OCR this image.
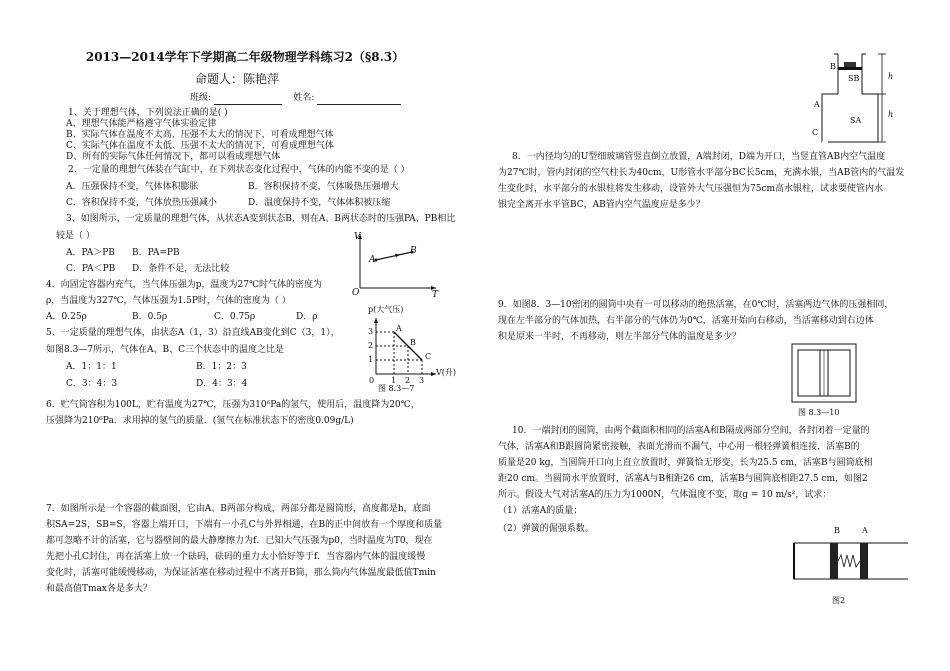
2013—2014学年下学期高二年级物理学科练习2（§8.3）
命题人：陈艳萍
班级:	姓名:
1、关于理想气体，下列说法正确的是( )
A、理想气体能严格遵守气体实验定律
B、实际气体在温度不太高、压强不太大的情况下，可看成理想气体
C、实际气体在温度不太低、压强不太大的情况下，可看成理想气体
D、所有的实际气体任何情况下，都可以看成理想气体
2、一定量的理想气体装在气缸中，在下列状态变化过程中，气体的内能不变的是（ ）
A．压强保持不变，气体体积膨胀	B．容积保持不变，气体吸热压强增大
C．容积保持不变，气体放热压强减小	D．温度保持不变，气体体积被压缩
3、如图所示，一定质量的理想气体，从状态A变到状态B，则在A、B两状态时的压强PA、PB相比
较是（ ）
A．PA＞PB B．PA=PB
C．PA＜PB D．条件不足，无法比较
V
T
O
A
B
4．向固定容器内充气，当气体压强为p，温度为27℃时气体的密度为
ρ，当温度为327℃，气体压强为1.5P时，气体的密度为（ ）
A．0.25ρ	B．0.5ρ	C．0.75ρ	D．ρ
5、一定质量的理想气体，由状态A（1，3）沿直线AB变化到C（3，1），
如图8.3—7所示，气体在A、B、C三个状态中的温度之比是
A．1：1：1	B．1：2：3
C．3：4：3	D．4：3：4
p(大气压)
V(升)
3
2
1
1 2 3
0
A
B
C
图 8.3—7
6．贮气筒容积为100L，贮有温度为27℃，压强为310⁶Pa的氢气，使用后，温度降为20℃，
压强降为210⁶Pa．求用掉的氢气的质量．(氢气在标准状态下的密度0.09g/L)
7．如图所示是一个容器的截面图，它由A、B两部分构成，两部分都是圆筒形，高度都是h，底面
积SA=2S，SB=S，容器上端开口，下端有一小孔C与外界相通，在B的正中间放有一个厚度和质量
都可忽略不计的活塞，它与器壁间的最大静摩擦力为f．已知大气压强为p0，当时温度为T0，现在
先把小孔C封住，再在活塞上放一个砝码，砝码的重力大小恰好等于f．当容器内气体的温度缓慢
变化时，活塞可能缓慢移动，为保证活塞在移动过程中不离开B筒，那么筒内气体温度最低值Tmin
和最高值Tmax各是多大？
B
SB
A
SA
C
h
h
8．一内径均匀的U型细玻璃管竖直倒立放置，A端封闭，D端为开口，当竖直管AB内空气温度
为27℃时，管内封闭的空气柱长为40cm，U形管水平部分BC长5cm，充满水银，当AB管内的气温发
生变化时，水平部分的水银柱将发生移动，设管外大气压强恒为75cm高水银柱，试求要使管内水
银完全离开水平管BC，AB管内空气温度应是多少？
9．如图8．3—10密闭的圆筒中央有一可以移动的绝热活塞，在0℃时，活塞两边气体的压强相同，
现在左半部分的气体加热，右半部分的气体仍为0℃，活塞开始向右移动，当活塞移动到右边体
积是原来一半时，不再移动，则左半部分气体的温度是多少？
图 8.3—10
10．一端封闭的圆筒，由两个截面积相同的活塞A和B隔成两部分空间，各封闭着一定量的
气体，活塞A和B跟圆筒紧密接触，表面光滑而不漏气，中心用一根轻弹簧相连接，活塞B的
质量是20 kg，当圆筒开口向上直立放置时，弹簧恰无形变，长为25.5 cm，活塞B与圆筒底相
距20 cm。当圆筒水平放置时，活塞A与B相距26 cm，活塞B与圆筒底相距27.5 cm，如图2
所示。假设大气对活塞A的压力为1000N，气体温度不变，取g = 10 m/s²，试求：
（1）活塞A的质量；
（2）弹簧的倔强系数。	B	A
图2
